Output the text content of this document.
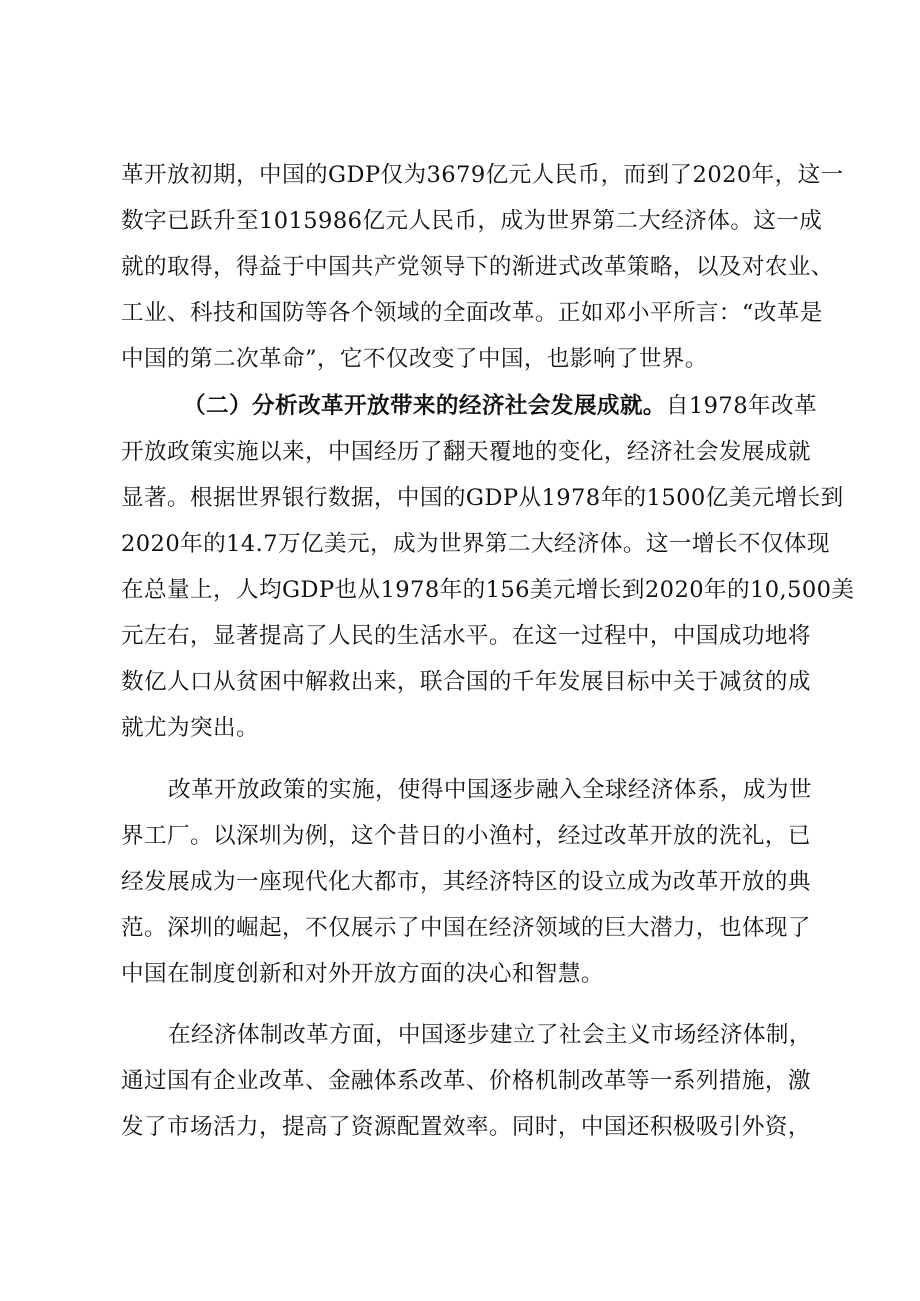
革开放初期，中国的GDP仅为3679亿元人民币，而到了2020年，这一
数字已跃升至1015986亿元人民币，成为世界第二大经济体。这一成
就的取得，得益于中国共产党领导下的渐进式改革策略，以及对农业、
工业、科技和国防等各个领域的全面改革。正如邓小平所言：“改革是
中国的第二次革命”，它不仅改变了中国，也影响了世界。
（二）分析改革开放带来的经济社会发展成就。自1978年改革
开放政策实施以来，中国经历了翻天覆地的变化，经济社会发展成就
显著。根据世界银行数据，中国的GDP从1978年的1500亿美元增长到
2020年的14.7万亿美元，成为世界第二大经济体。这一增长不仅体现
在总量上，人均GDP也从1978年的156美元增长到2020年的10,500美
元左右，显著提高了人民的生活水平。在这一过程中，中国成功地将
数亿人口从贫困中解救出来，联合国的千年发展目标中关于减贫的成
就尤为突出。
改革开放政策的实施，使得中国逐步融入全球经济体系，成为世
界工厂。以深圳为例，这个昔日的小渔村，经过改革开放的洗礼，已
经发展成为一座现代化大都市，其经济特区的设立成为改革开放的典
范。深圳的崛起，不仅展示了中国在经济领域的巨大潜力，也体现了
中国在制度创新和对外开放方面的决心和智慧。
在经济体制改革方面，中国逐步建立了社会主义市场经济体制，
通过国有企业改革、金融体系改革、价格机制改革等一系列措施，激
发了市场活力，提高了资源配置效率。同时，中国还积极吸引外资，
